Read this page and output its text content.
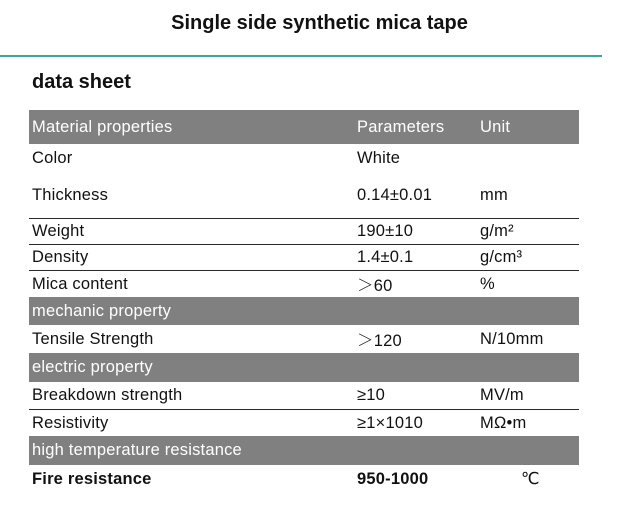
Single side synthetic mica tape
data sheet
Material properties	Parameters Unit
Color	White
Thickness	0.14±0.01	mm
Weight	190±10	g/m²
Density	1.4±0.1	g/cm³
Mica content	＞60	%
mechanic property
Tensile Strength	＞120	N/10mm
electric property
Breakdown strength	≥10	MV/m
Resistivity	≥1×1010	MΩ•m
high temperature resistance
Fire resistance	950-1000	℃
